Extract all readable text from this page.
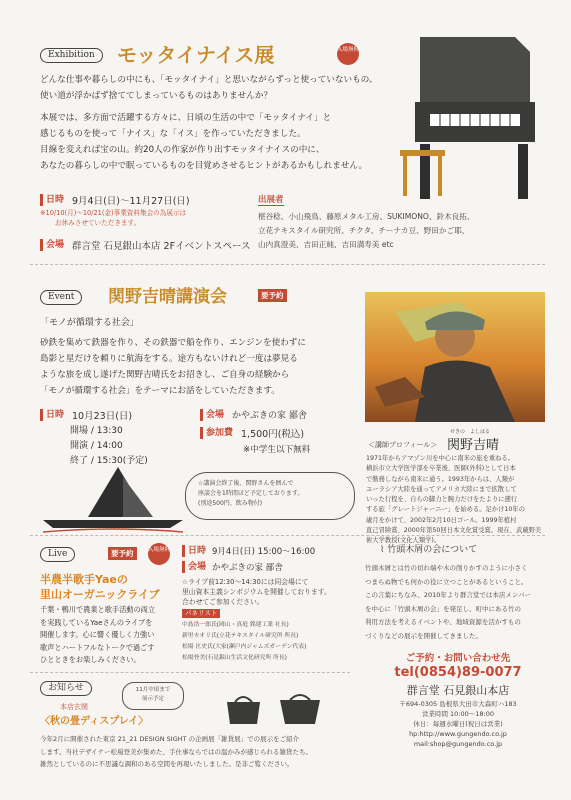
Exhibition	モッタイナイス展	入場無料
どんな仕事や暮らしの中にも、「モッタイナイ」と思いながらずっと使っていないもの、
使い道が浮かばず捨ててしまっているものはありませんか？
本展では、多方面で活躍する方々に、日頃の生活の中で「モッタイナイ」と
感じるものを使って「ナイス」な「イス」を作っていただきました。
目線を変えれば宝の山。約20人の作家が作り出すモッタイナイスの中に、
あなたの暮らしの中で眠っているものを目覚めさせるヒントがあるかもしれません。
日時 9月4日(日)～11月27日(日)
※10/10(月)～10/21(金)事業資料集会の為展示は
お休みさせていただきます。
会場 群言堂 石見銀山本店 2Fイベントスペース
出展者
椹谷稔、小山飛鳥、藤原メタル工房、SUKIMONO、鈴木良拓、
立花テキスタイル研究所、チクタ、チーナカ豆、野田かご耶、
山内真澄美、吉田正純、吉田満寿美 etc
Event	関野吉晴講演会	要予約
「モノが循環する社会」
砂鉄を集めて鉄器を作り、その鉄器で船を作り、エンジンを使わずに
島影と星だけを頼りに航海をする。途方もないけれど一度は夢見る
ような旅を成し遂げた関野吉晴氏をお招きし、ご自身の経験から
「モノが循環する社会」をテーマにお話をしていただきます。
日時 10月23日(日)
開場 / 13:30
開演 / 14:00
終了 / 15:30(予定)
会場 かやぶきの家 鄙舎
参加費 1,500円(税込)
※中学生以下無料
☆講演会終了後、関野さんを囲んで
座談会を1時間ほど予定しております。
(別途500円、飲み物付)
＜講師プロフィール＞
せきの　よしはる
関野吉晴
1971年からアマゾン川を中心に南米の旅を重ねる。
横浜市立大学医学部を卒業後、医師(外科)として日本
で勤務しながら南米に通う。1993年からは、人類が
ユーラシア大陸を通ってアメリカ大陸にまで拡散して
いった行程を、自らの脚力と腕力だけをたよりに遡行
する旅「グレートジャーニー」を始める。足かけ10年の
歳月をかけて、2002年2月10日ゴール。1999年植村
直己冒険賞、2000年第50回日本文化賞受賞。現在、武蔵野美
術大学教授(文化人類学)。
Live	要予約	入場無料
半農半歌手Yaeの
里山オーガニックライブ
千葉・鴨川で農業と歌手活動の両立
を実践しているYaeさんのライブを
開催します。心に響く優しく力強い
歌声とハートフルなトークで過ごす
ひとときをお楽しみください。
日時 9月4日(日) 15:00～16:00
会場 かやぶきの家 鄙舎
☆ライブ前12:30～14:30には同会場にて
里山資本主義シンポジウムを開催しております。
合わせてご参加ください。
パネリスト
中島浩一郎氏(岡山・真庭 銘建工業 社長)
新里カオリ氏(立花テキスタイル研究所 所長)
松場 匡史氏(大家(瀬戸内ジャムズガーデン代表)
松場登美(石見銀山生活文化研究所 所長)
⌇ 竹頭木屑の会について
竹頭木屑とは竹の切れ端や木の削りかすのように小さく
つまらぬ物でも何かの役に立つことがあるということ。
この言葉にちなみ、2010年より群言堂では本店メンバー
を中心に「竹頭木屑の会」を発足し、町中にある竹の
利用方法を考えるイベントや、地域資源を活かすもの
づくりなどの展示を開催してきました。
お知らせ
本店玄関
〈秋の畳ディスプレイ〉
11月中頃まで
展示予定
今年2月に開催された東京 21_21 DESIGN SIGHT の企画展「雑貨展」での展示をご紹介
します。当社デザイナー松場登美が集めた、手仕事ならではの温かみが感じられる雑貨たち。
雑然としているのに不思議な調和のある空間を再現いたしました。是非ご覧ください。
ご予約・お問い合わせ先
tel(0854)89-0077
群言堂 石見銀山本店
〒694-0305 島根県大田市大森町ハ183
営業時間 10:00～18:00
休日：毎週水曜日(祝日は営業)
hp:http://www.gungendo.co.jp
mail:shop@gungendo.co.jp
